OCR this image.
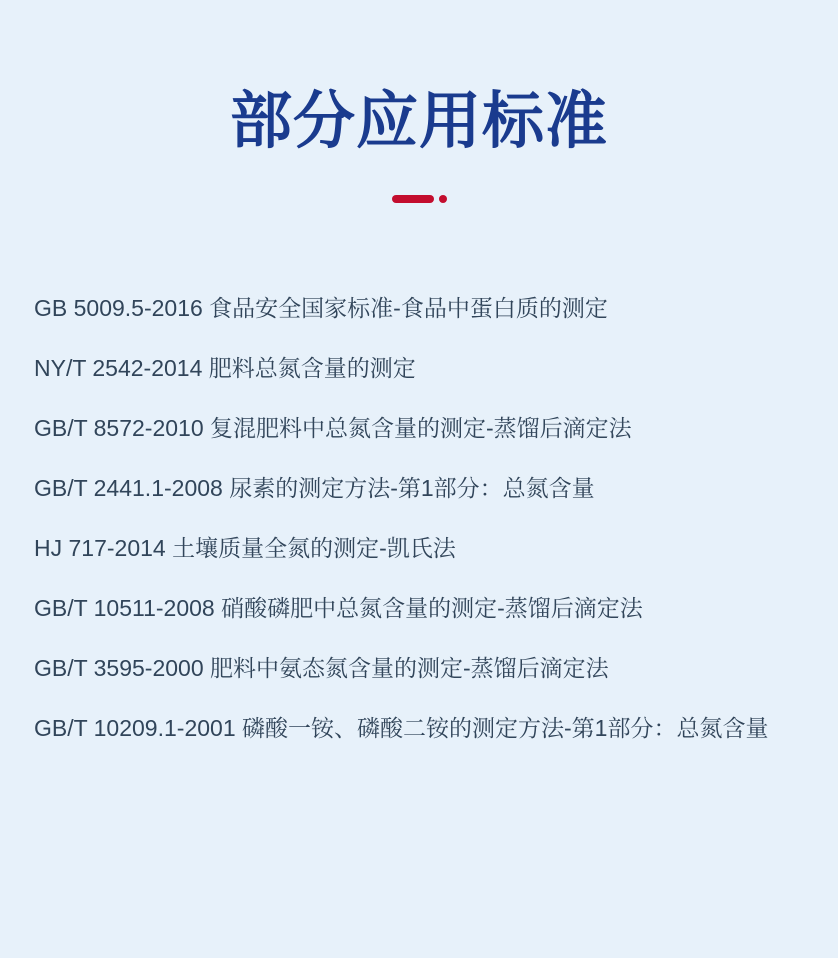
部分应用标准
GB 5009.5-2016 食品安全国家标准-食品中蛋白质的测定
NY/T 2542-2014 肥料总氮含量的测定
GB/T 8572-2010 复混肥料中总氮含量的测定-蒸馏后滴定法
GB/T 2441.1-2008 尿素的测定方法-第1部分：总氮含量
HJ 717-2014 土壤质量全氮的测定-凯氏法
GB/T 10511-2008 硝酸磷肥中总氮含量的测定-蒸馏后滴定法
GB/T 3595-2000 肥料中氨态氮含量的测定-蒸馏后滴定法
GB/T 10209.1-2001 磷酸一铵、磷酸二铵的测定方法-第1部分：总氮含量
